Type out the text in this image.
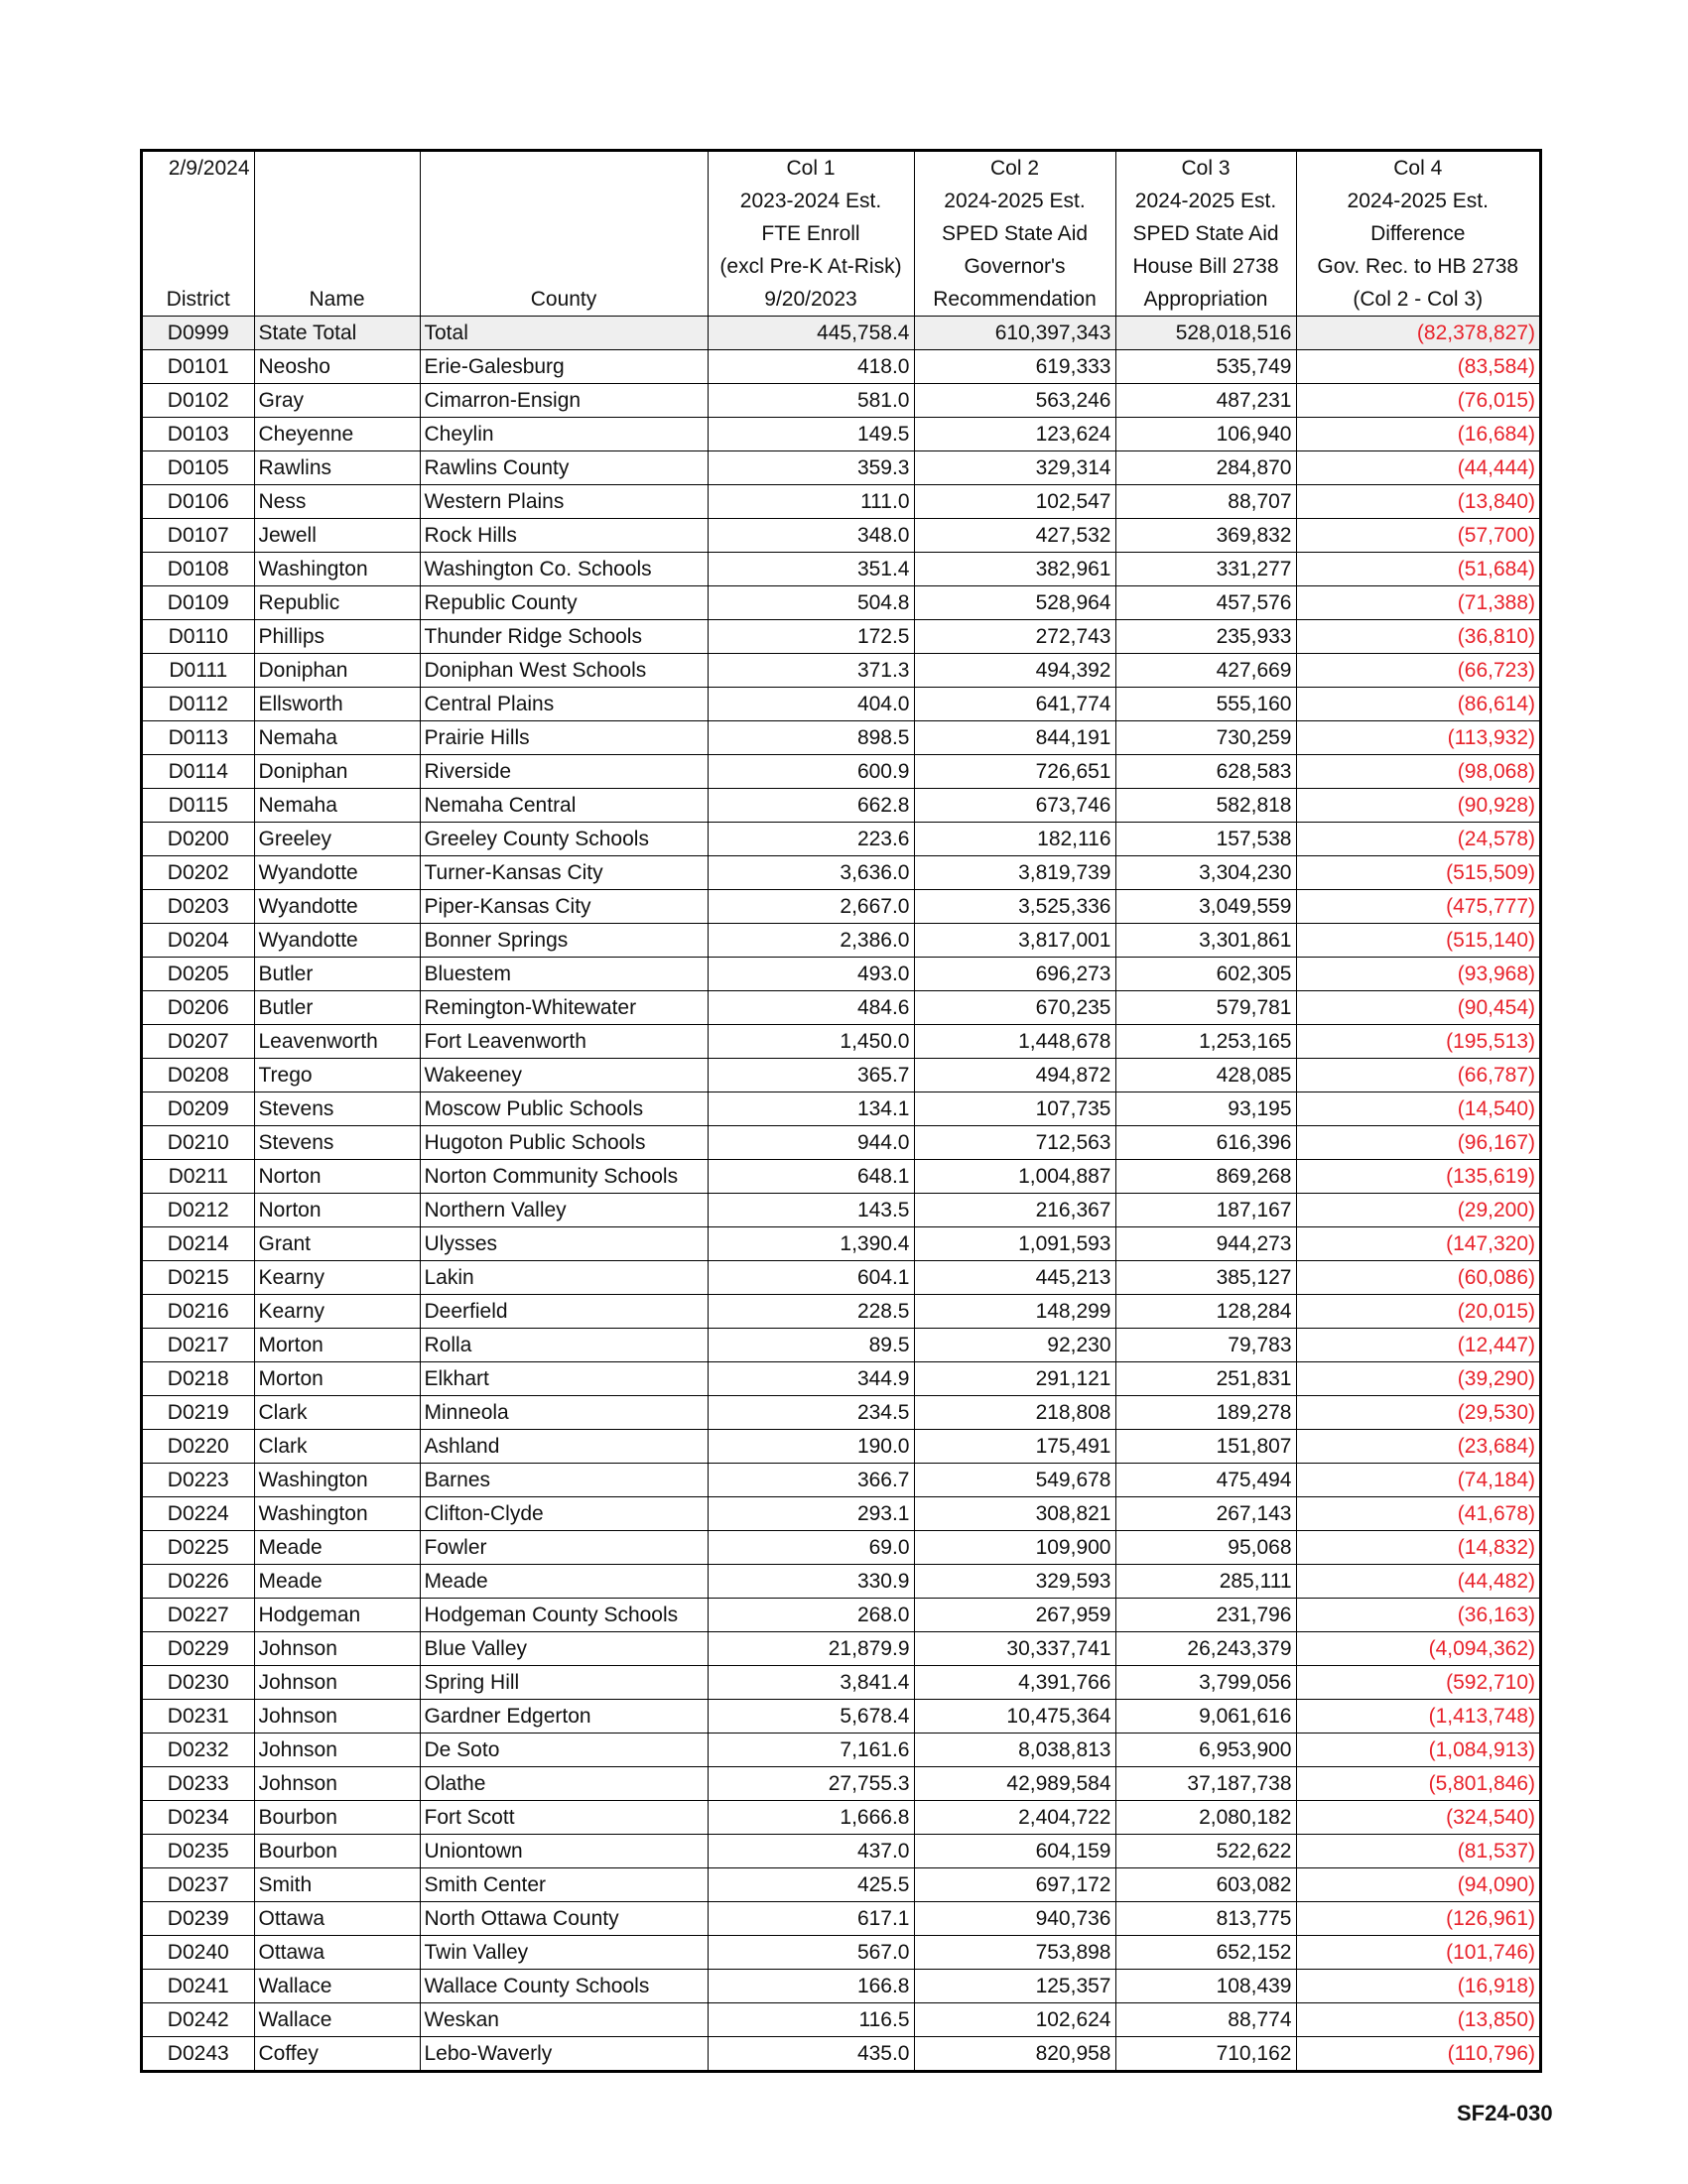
2/9/2024			Col 1	Col 2	Col 3	Col 4
			2023-2024 Est.	2024-2025 Est.	2024-2025 Est.	2024-2025 Est.
			FTE Enroll	SPED State Aid	SPED State Aid	Difference
			(excl Pre-K At-Risk)	Governor's	House Bill 2738	Gov. Rec. to HB 2738
District	Name	County	9/20/2023	Recommendation	Appropriation	(Col 2 - Col 3)
D0999	State Total	Total	445,758.4	610,397,343	528,018,516	(82,378,827)
D0101	Neosho	Erie-Galesburg	418.0	619,333	535,749	(83,584)
D0102	Gray	Cimarron-Ensign	581.0	563,246	487,231	(76,015)
D0103	Cheyenne	Cheylin	149.5	123,624	106,940	(16,684)
D0105	Rawlins	Rawlins County	359.3	329,314	284,870	(44,444)
D0106	Ness	Western Plains	111.0	102,547	88,707	(13,840)
D0107	Jewell	Rock Hills	348.0	427,532	369,832	(57,700)
D0108	Washington	Washington Co. Schools	351.4	382,961	331,277	(51,684)
D0109	Republic	Republic County	504.8	528,964	457,576	(71,388)
D0110	Phillips	Thunder Ridge Schools	172.5	272,743	235,933	(36,810)
D0111	Doniphan	Doniphan West Schools	371.3	494,392	427,669	(66,723)
D0112	Ellsworth	Central Plains	404.0	641,774	555,160	(86,614)
D0113	Nemaha	Prairie Hills	898.5	844,191	730,259	(113,932)
D0114	Doniphan	Riverside	600.9	726,651	628,583	(98,068)
D0115	Nemaha	Nemaha Central	662.8	673,746	582,818	(90,928)
D0200	Greeley	Greeley County Schools	223.6	182,116	157,538	(24,578)
D0202	Wyandotte	Turner-Kansas City	3,636.0	3,819,739	3,304,230	(515,509)
D0203	Wyandotte	Piper-Kansas City	2,667.0	3,525,336	3,049,559	(475,777)
D0204	Wyandotte	Bonner Springs	2,386.0	3,817,001	3,301,861	(515,140)
D0205	Butler	Bluestem	493.0	696,273	602,305	(93,968)
D0206	Butler	Remington-Whitewater	484.6	670,235	579,781	(90,454)
D0207	Leavenworth	Fort Leavenworth	1,450.0	1,448,678	1,253,165	(195,513)
D0208	Trego	Wakeeney	365.7	494,872	428,085	(66,787)
D0209	Stevens	Moscow Public Schools	134.1	107,735	93,195	(14,540)
D0210	Stevens	Hugoton Public Schools	944.0	712,563	616,396	(96,167)
D0211	Norton	Norton Community Schools	648.1	1,004,887	869,268	(135,619)
D0212	Norton	Northern Valley	143.5	216,367	187,167	(29,200)
D0214	Grant	Ulysses	1,390.4	1,091,593	944,273	(147,320)
D0215	Kearny	Lakin	604.1	445,213	385,127	(60,086)
D0216	Kearny	Deerfield	228.5	148,299	128,284	(20,015)
D0217	Morton	Rolla	89.5	92,230	79,783	(12,447)
D0218	Morton	Elkhart	344.9	291,121	251,831	(39,290)
D0219	Clark	Minneola	234.5	218,808	189,278	(29,530)
D0220	Clark	Ashland	190.0	175,491	151,807	(23,684)
D0223	Washington	Barnes	366.7	549,678	475,494	(74,184)
D0224	Washington	Clifton-Clyde	293.1	308,821	267,143	(41,678)
D0225	Meade	Fowler	69.0	109,900	95,068	(14,832)
D0226	Meade	Meade	330.9	329,593	285,111	(44,482)
D0227	Hodgeman	Hodgeman County Schools	268.0	267,959	231,796	(36,163)
D0229	Johnson	Blue Valley	21,879.9	30,337,741	26,243,379	(4,094,362)
D0230	Johnson	Spring Hill	3,841.4	4,391,766	3,799,056	(592,710)
D0231	Johnson	Gardner Edgerton	5,678.4	10,475,364	9,061,616	(1,413,748)
D0232	Johnson	De Soto	7,161.6	8,038,813	6,953,900	(1,084,913)
D0233	Johnson	Olathe	27,755.3	42,989,584	37,187,738	(5,801,846)
D0234	Bourbon	Fort Scott	1,666.8	2,404,722	2,080,182	(324,540)
D0235	Bourbon	Uniontown	437.0	604,159	522,622	(81,537)
D0237	Smith	Smith Center	425.5	697,172	603,082	(94,090)
D0239	Ottawa	North Ottawa County	617.1	940,736	813,775	(126,961)
D0240	Ottawa	Twin Valley	567.0	753,898	652,152	(101,746)
D0241	Wallace	Wallace County Schools	166.8	125,357	108,439	(16,918)
D0242	Wallace	Weskan	116.5	102,624	88,774	(13,850)
D0243	Coffey	Lebo-Waverly	435.0	820,958	710,162	(110,796)
SF24-030
